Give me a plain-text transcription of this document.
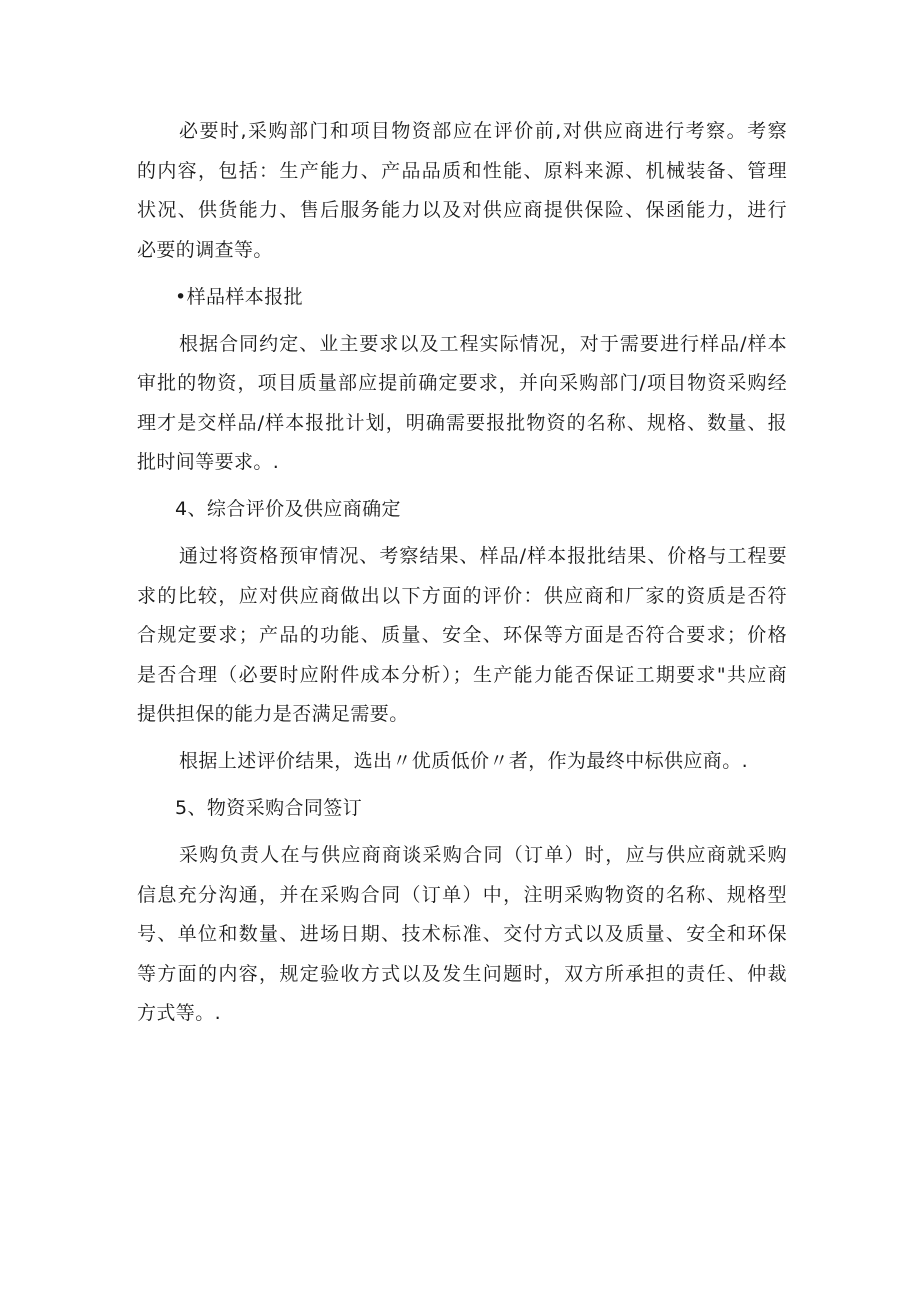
必要时,采购部门和项目物资部应在评价前,对供应商进行考察。考察
的内容，包括：生产能力、产品品质和性能、原料来源、机械装备、管理
状况、供货能力、售后服务能力以及对供应商提供保险、保函能力，进行
必要的调查等。
•样品样本报批
根据合同约定、业主要求以及工程实际情况，对于需要进行样品/样本
审批的物资，项目质量部应提前确定要求，并向采购部门/项目物资采购经
理才是交样品/样本报批计划，明确需要报批物资的名称、规格、数量、报
批时间等要求。.
4、综合评价及供应商确定
通过将资格预审情况、考察结果、样品/样本报批结果、价格与工程要
求的比较，应对供应商做出以下方面的评价：供应商和厂家的资质是否符
合规定要求；产品的功能、质量、安全、环保等方面是否符合要求；价格
是否合理（必要时应附件成本分析）；生产能力能否保证工期要求"共应商
提供担保的能力是否满足需要。
根据上述评价结果，选出〃优质低价〃者，作为最终中标供应商。.
5、物资采购合同签订
采购负责人在与供应商商谈采购合同（订单）时，应与供应商就采购
信息充分沟通，并在采购合同（订单）中，注明采购物资的名称、规格型
号、单位和数量、进场日期、技术标准、交付方式以及质量、安全和环保
等方面的内容，规定验收方式以及发生问题时，双方所承担的责任、仲裁
方式等。.
